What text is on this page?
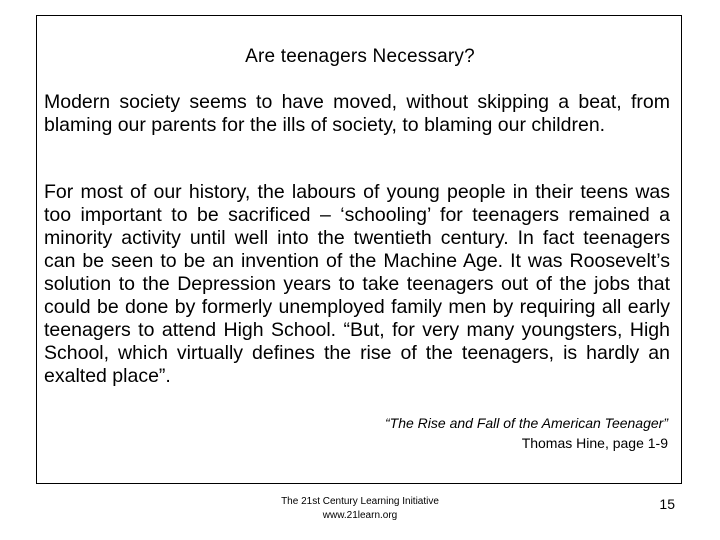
Are teenagers Necessary?

Modern society seems to have moved, without skipping a beat, from blaming our parents for the ills of society, to blaming our children.

For most of our history, the labours of young people in their teens was too important to be sacrificed – ‘schooling’ for teenagers remained a minority activity until well into the twentieth century. In fact teenagers can be seen to be an invention of the Machine Age. It was Roosevelt’s solution to the Depression years to take teenagers out of the jobs that could be done by formerly unemployed family men by requiring all early teenagers to attend High School. “But, for very many youngsters, High School, which virtually defines the rise of the teenagers, is hardly an exalted place”.

“The Rise and Fall of the American Teenager”
Thomas Hine, page 1-9
The 21st Century Learning Initiative
www.21learn.org
15
